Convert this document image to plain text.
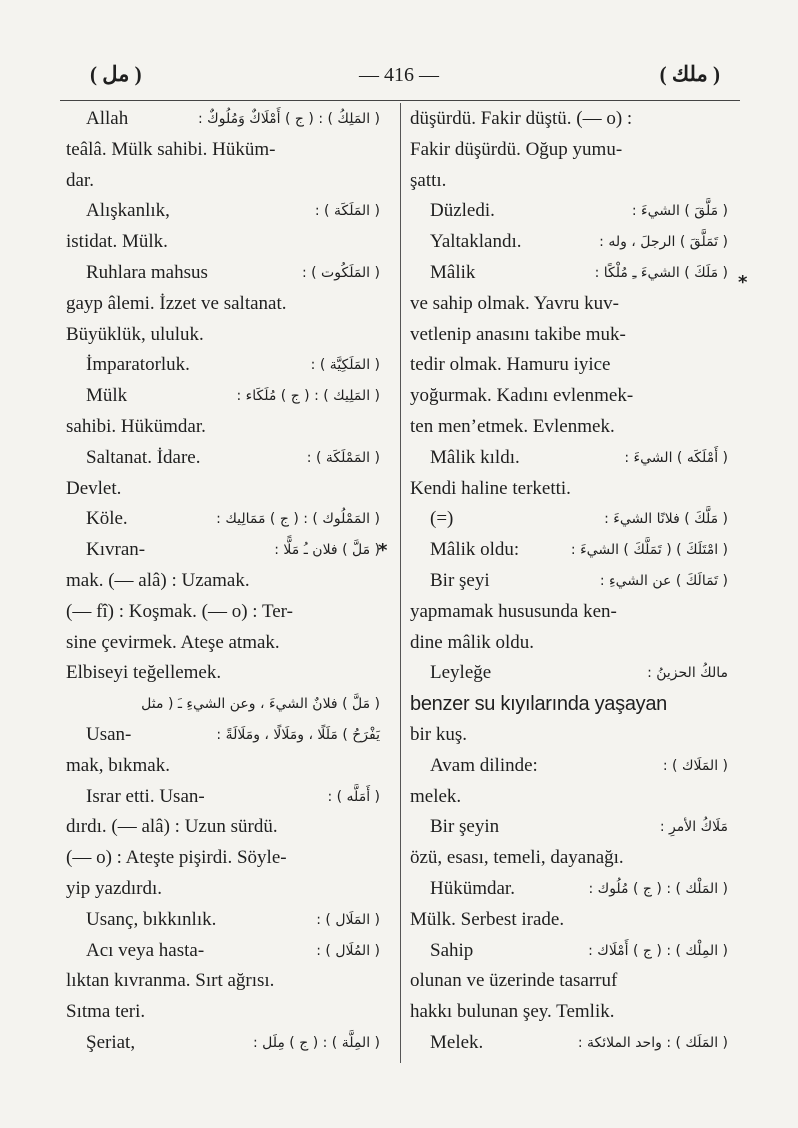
( مل )	— 416 —	( ملك )
Allah	( المَلِكُ ) : ( ج ) أَمْلَاكٌ وَمُلُوكٌ :
teâlâ. Mülk sahibi. Hüküm-
dar.
Alışkanlık,	( المَلَكَة ) :
istidat. Mülk.
Ruhlara mahsus	( المَلَكُوت ) :
gayp âlemi. İzzet ve saltanat.
Büyüklük, ululuk.
İmparatorluk.	( المَلَكِيَّة ) :
Mülk	( المَلِيك ) : ( ج ) مُلَكَاء :
sahibi. Hükümdar.
Saltanat. İdare.	( المَمْلَكَة ) :
Devlet.
Köle.	( المَمْلُوك ) : ( ج ) مَمَالِيك :
Kıvran-	( مَلَّ ) فلان ـُ مَلًّا :
mak. (— alâ) : Uzamak.
(— fî) : Koşmak. (— o) : Ter-
sine çevirmek. Ateşe atmak.
Elbiseyi teğellemek.
( مَلَّ ) فلانٌ الشيءَ ، وعن الشيءِ ـَ ( مثل
Usan-	يَفْرَحُ ) مَلَلًا ، ومَلَالًا ، ومَلَالَةً :
mak, bıkmak.
Israr etti. Usan-	( أَمَلَّه ) :
dırdı. (— alâ) : Uzun sürdü.
(— o) : Ateşte pişirdi. Söyle-
yip yazdırdı.
Usanç, bıkkınlık.	( المَلَال ) :
Acı veya hasta-	( المُلَال ) :
lıktan kıvranma. Sırt ağrısı.
Sıtma teri.
Şeriat,	( المِلَّة ) : ( ج ) مِلَل :
düşürdü. Fakir düştü. (— o) :
Fakir düşürdü. Oğup yumu-
şattı.
Düzledi.	( مَلَّقَ ) الشيءَ :
Yaltaklandı.	( تَمَلَّقَ ) الرجلَ ، وله :
Mâlik	( مَلَكَ ) الشيءَ ـِ مُلْكًا :
ve sahip olmak. Yavru kuv-
vetlenip anasını takibe muk-
tedir olmak. Hamuru iyice
yoğurmak. Kadını evlenmek-
ten men’etmek. Evlenmek.
Mâlik kıldı.	( أَمْلَكَه ) الشيءَ :
Kendi haline terketti.
(=)	( مَلَّكَ ) فلانًا الشيءَ :
Mâlik oldu:	( امْتَلَكَ ) ( تَمَلَّكَ ) الشيءَ :
Bir şeyi	( تَمَالَكَ ) عن الشيءِ :
yapmamak hususunda ken-
dine mâlik oldu.
Leyleğe	مالكُ الحزينُ :
benzer su kıyılarında yaşayan
bir kuş.
Avam dilinde:	( المَلَاك ) :
melek.
Bir şeyin	مَلَاكُ الأمرِ :
özü, esası, temeli, dayanağı.
Hükümdar.	( المَلْك ) : ( ج ) مُلُوك :
Mülk. Serbest irade.
Sahip	( المِلْك ) : ( ج ) أَمْلَاك :
olunan ve üzerinde tasarruf
hakkı bulunan şey. Temlik.
Melek.	( المَلَك ) : واحد الملائكة :
*
*
